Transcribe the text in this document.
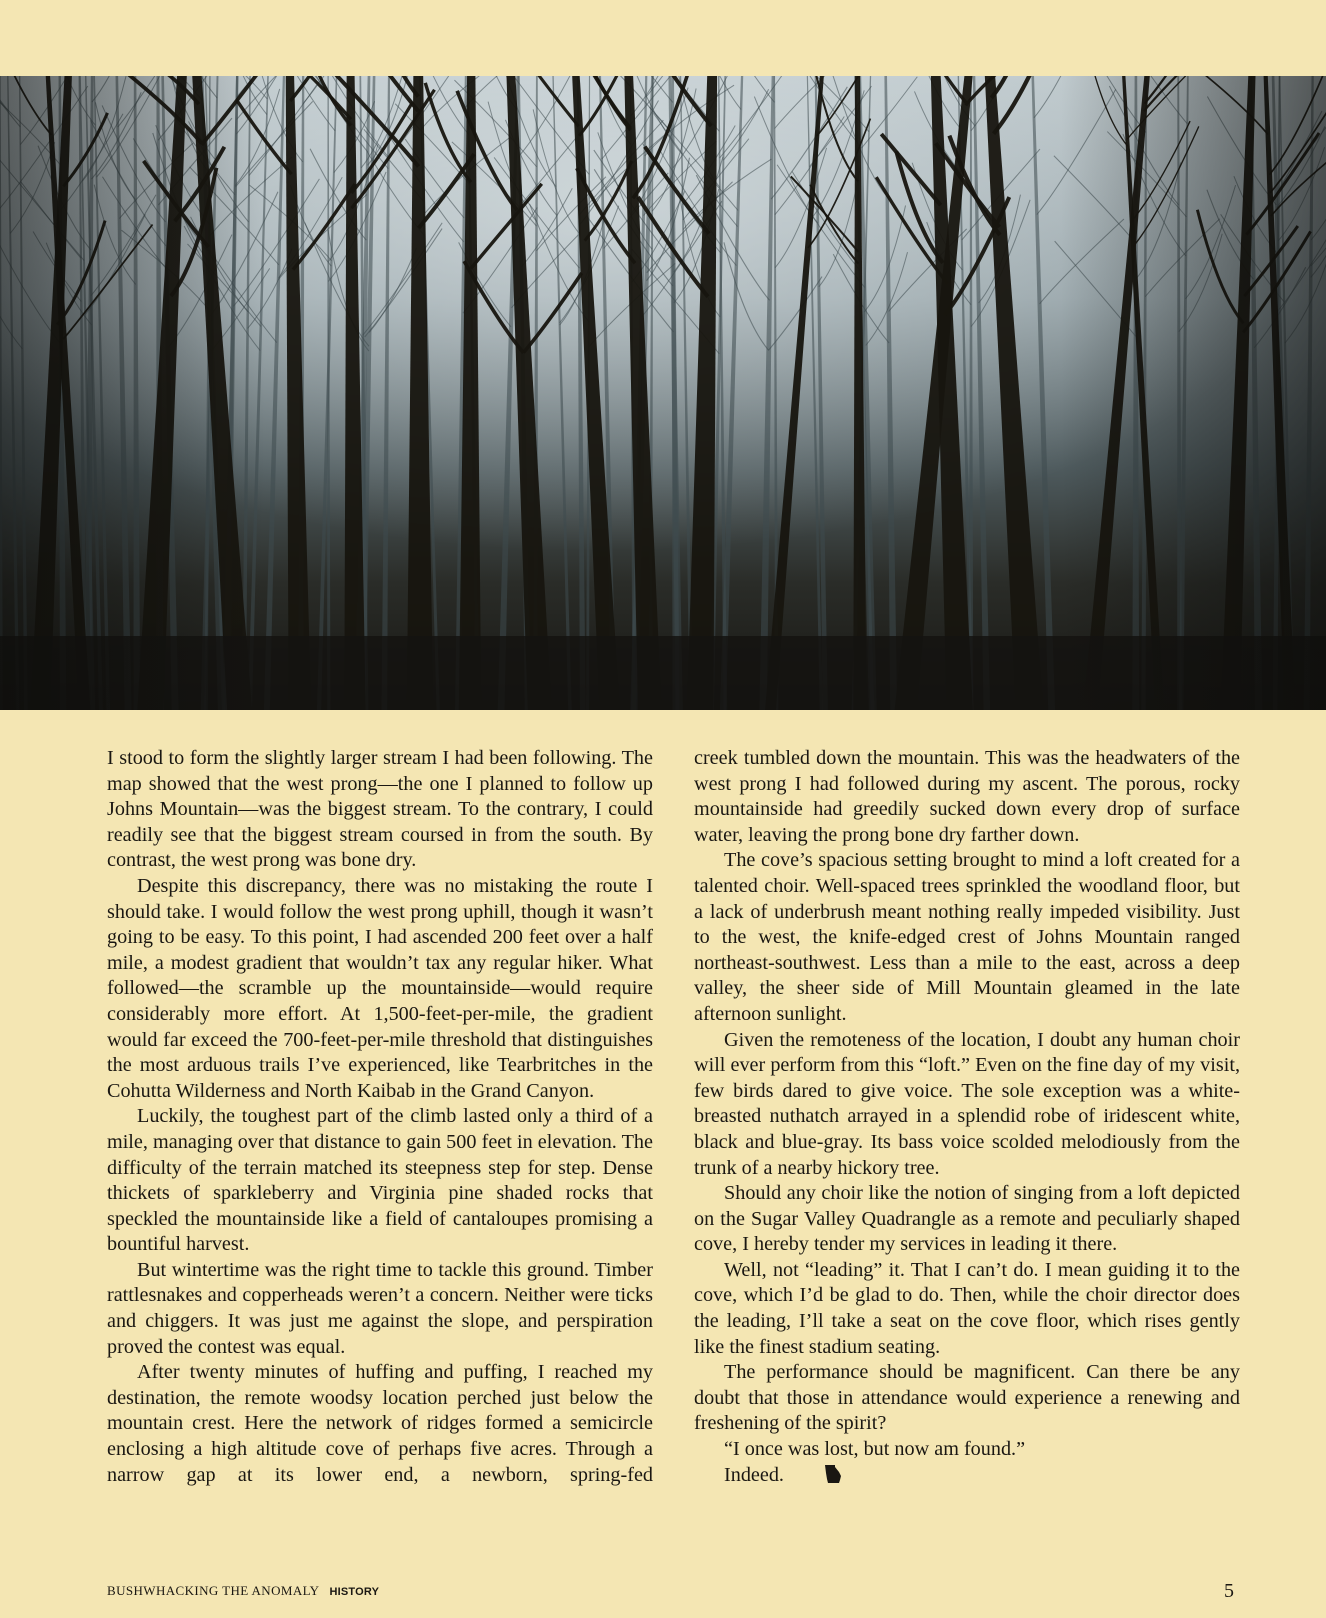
I stood to form the slightly larger stream I had been following. The map showed that the west prong—the one I planned to follow up Johns Mountain—was the biggest stream. To the contrary, I could readily see that the biggest stream coursed in from the south. By contrast, the west prong was bone dry.

Despite this discrepancy, there was no mistaking the route I should take. I would follow the west prong uphill, though it wasn’t going to be easy. To this point, I had ascended 200 feet over a half mile, a modest gradient that wouldn’t tax any regular hiker. What followed—the scramble up the mountainside—would require considerably more effort. At 1,500-feet-per-mile, the gradient would far exceed the 700-feet-per-mile threshold that distinguishes the most arduous trails I’ve experienced, like Tearbritches in the Cohutta Wilderness and North Kaibab in the Grand Canyon.

Luckily, the toughest part of the climb lasted only a third of a mile, managing over that distance to gain 500 feet in elevation. The difficulty of the terrain matched its steepness step for step. Dense thickets of sparkleberry and Virginia pine shaded rocks that speckled the mountainside like a field of cantaloupes promising a bountiful harvest.

But wintertime was the right time to tackle this ground. Timber rattlesnakes and copperheads weren’t a concern. Neither were ticks and chiggers. It was just me against the slope, and perspiration proved the contest was equal.

After twenty minutes of huffing and puffing, I reached my destination, the remote woodsy location perched just below the mountain crest. Here the network of ridges formed a semicircle enclosing a high altitude cove of perhaps five acres. Through a narrow gap at its lower end, a newborn, spring-fed

creek tumbled down the mountain. This was the headwaters of the west prong I had followed during my ascent. The porous, rocky mountainside had greedily sucked down every drop of surface water, leaving the prong bone dry farther down.

The cove’s spacious setting brought to mind a loft created for a talented choir. Well-spaced trees sprinkled the woodland floor, but a lack of underbrush meant nothing really impeded visibility. Just to the west, the knife-edged crest of Johns Mountain ranged northeast-southwest. Less than a mile to the east, across a deep valley, the sheer side of Mill Mountain gleamed in the late afternoon sunlight.

Given the remoteness of the location, I doubt any human choir will ever perform from this “loft.” Even on the fine day of my visit, few birds dared to give voice. The sole exception was a white-breasted nuthatch arrayed in a splendid robe of iridescent white, black and blue-gray. Its bass voice scolded melodiously from the trunk of a nearby hickory tree.

Should any choir like the notion of singing from a loft depicted on the Sugar Valley Quadrangle as a remote and peculiarly shaped cove, I hereby tender my services in leading it there.

Well, not “leading” it. That I can’t do. I mean guiding it to the cove, which I’d be glad to do. Then, while the choir director does the leading, I’ll take a seat on the cove floor, which rises gently like the finest stadium seating.

The performance should be magnificent. Can there be any doubt that those in attendance would experience a renewing and freshening of the spirit?

“I once was lost, but now am found.”

Indeed.

BUSHWHACKING THE ANOMALY HISTORY	5
